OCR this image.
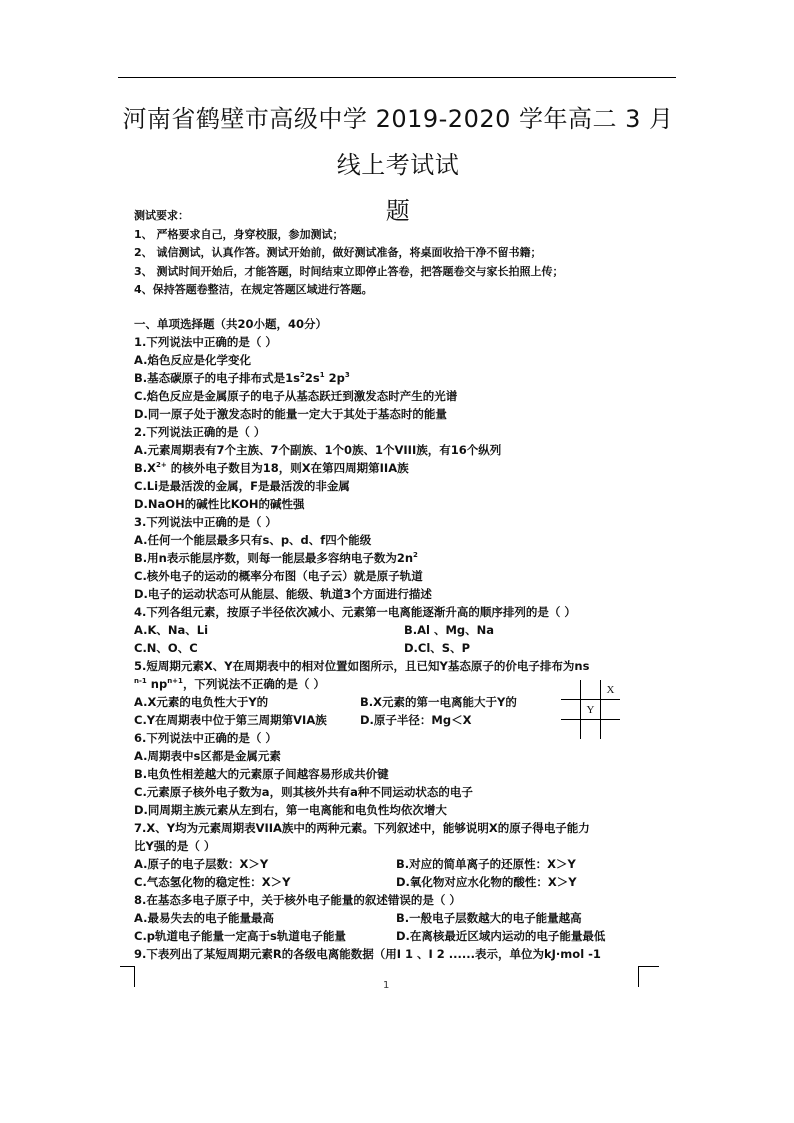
河南省鹤壁市高级中学 2019-2020 学年高二 3 月线上考试试
题
测试要求：
1、 严格要求自己，身穿校服，参加测试；
2、 诚信测试，认真作答。测试开始前，做好测试准备，将桌面收拾干净不留书籍；
3、 测试时间开始后，才能答题，时间结束立即停止答卷，把答题卷交与家长拍照上传；
4、保持答题卷整洁，在规定答题区域进行答题。
一、单项选择题（共20小题，40分）
1.下列说法中正确的是（ ）
A.焰色反应是化学变化
B.基态碳原子的电子排布式是$1s^22s^1$ $2p^3$
C.焰色反应是金属原子的电子从基态跃迁到激发态时产生的光谱
D.同一原子处于激发态时的能量一定大于其处于基态时的能量
2.下列说法正确的是（ ）
A.元素周期表有7个主族、7个副族、1个0族、1个VIII族，有16个纵列
$B.X^{2+}$ 的核外电子数目为18，则X在第四周期第IIA族
C.Li是最活泼的金属，F是最活泼的非金属
D.NaOH的碱性比KOH的碱性强
3.下列说法中正确的是（ ）
A.任何一个能层最多只有s、p、d、f四个能级
B.用n表示能层序数，则每一能层最多容纳电子数为$2n^2$
C.核外电子的运动的概率分布图（电子云）就是原子轨道
D.电子的运动状态可从能层、能级、轨道3个方面进行描述
4.下列各组元素，按原子半径依次减小、元素第一电离能逐渐升高的顺序排列的是（ ）
A.K、Na、Li	B.Al 、Mg、Na
C.N、O、C	D.Cl、S、P
5.短周期元素X、Y在周期表中的相对位置如图所示，且已知Y基态原子的价电子排布为ns
$^{n-1}$ $np^{n+1}$，下列说法不正确的是（ ）
A.X元素的电负性大于Y的	B.X元素的第一电离能大于Y的
C.Y在周期表中位于第三周期第VIA族	D.原子半径：Mg＜X
6.下列说法中正确的是（ ）
A.周期表中s区都是金属元素
B.电负性相差越大的元素原子间越容易形成共价键
C.元素原子核外电子数为a，则其核外共有a种不同运动状态的电子
D.同周期主族元素从左到右，第一电离能和电负性均依次增大
7.X、Y均为元素周期表VIIA族中的两种元素。下列叙述中，能够说明X的原子得电子能力
比Y强的是（ ）
A.原子的电子层数：X＞Y	B.对应的简单离子的还原性：X＞Y
C.气态氢化物的稳定性：X＞Y	D.氧化物对应水化物的酸性：X＞Y
8.在基态多电子原子中，关于核外电子能量的叙述错误的是（ ）
A.最易失去的电子能量最高	B.一般电子层数越大的电子能量越高
C.p轨道电子能量一定高于s轨道电子能量	D.在离核最近区域内运动的电子能量最低
9.下表列出了某短周期元素R的各级电离能数据（用I 1 、I 2 ......表示，单位为kJ·mol -1
		X
	Y	

1
